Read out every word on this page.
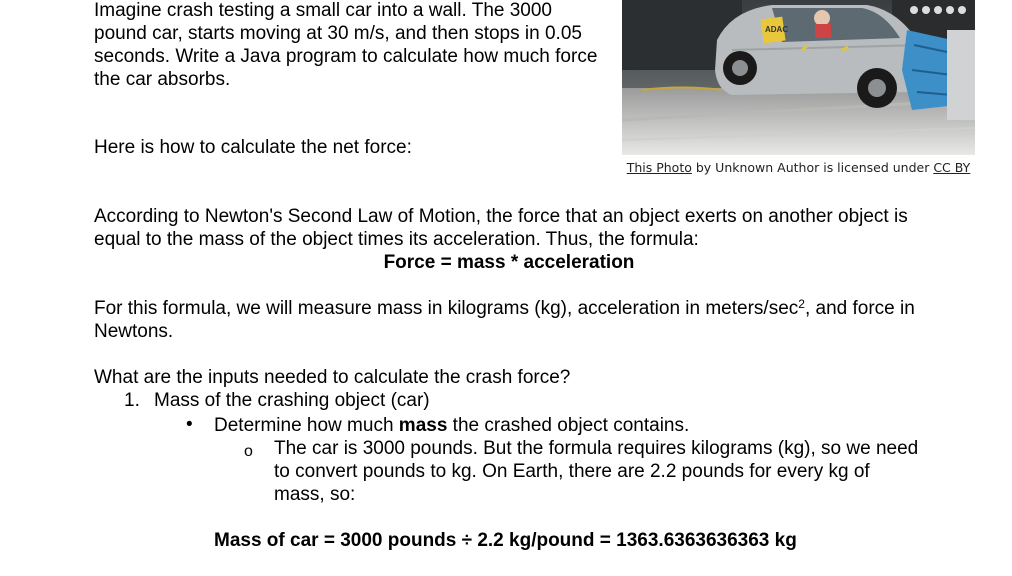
Imagine crash testing a small car into a wall. The 3000 pound car, starts moving at 30 m/s, and then stops in 0.05 seconds. Write a Java program to calculate how much force the car absorbs.

Here is how to calculate the net force:

ADAC
This Photo by Unknown Author is licensed under CC BY

According to Newton's Second Law of Motion, the force that an object exerts on another object is equal to the mass of the object times its acceleration. Thus, the formula:

Force = mass * acceleration

For this formula, we will measure mass in kilograms (kg), acceleration in meters/$\sec^2$, and force in Newtons.

What are the inputs needed to calculate the crash force?

1. Mass of the crashing object (car)
• Determine how much mass the crashed object contains.

o The car is 3000 pounds. But the formula requires kilograms (kg), so we need to convert pounds to kg. On Earth, there are 2.2 pounds for every kg of mass, so:

Mass of car = 3000 pounds ÷ 2.2 kg/pound = 1363.6363636363 kg
